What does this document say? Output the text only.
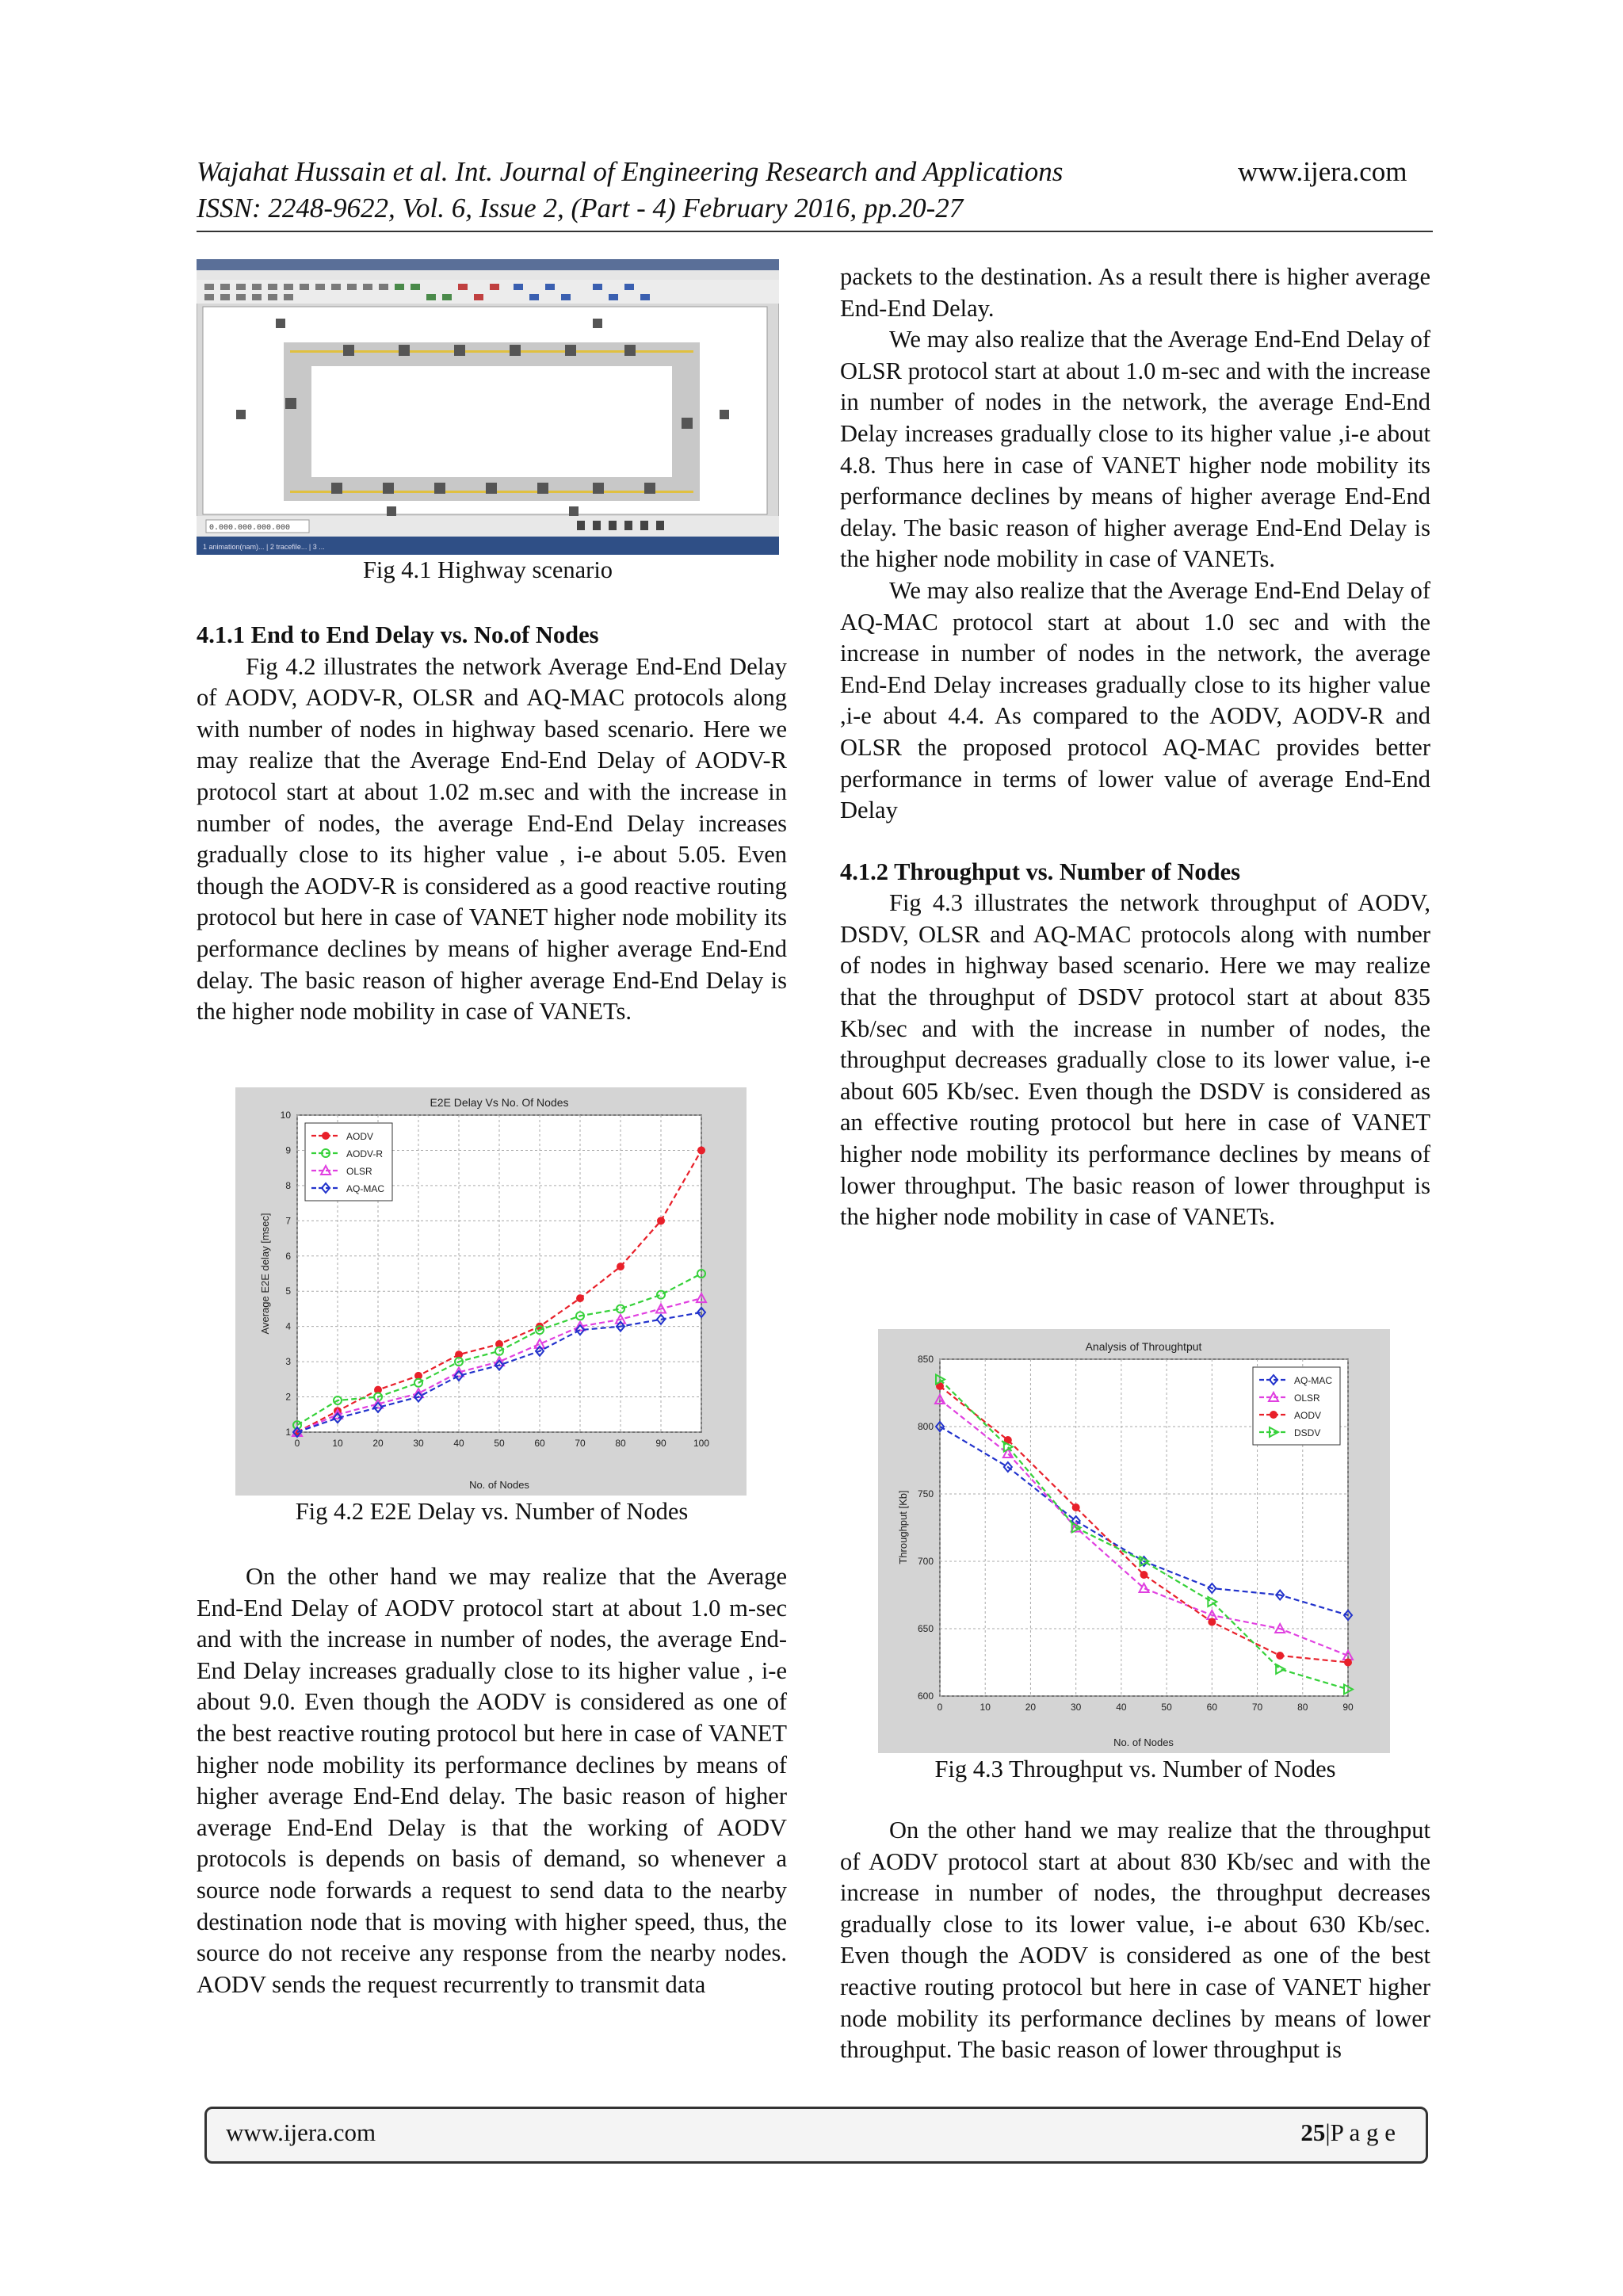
Wajahat Hussain et al. Int. Journal of Engineering Research and Applications	www.ijera.com
ISSN: 2248-9622, Vol. 6, Issue 2, (Part - 4) February 2016, pp.20-27
0.000.000.000.000
1 animation(nam)... | 2 tracefile... | 3 ...
Fig 4.1 Highway scenario

4.1.1 End to End Delay vs. No.of Nodes

Fig 4.2 illustrates the network Average End-End Delay of AODV, AODV-R, OLSR and AQ-MAC protocols along with number of nodes in highway based scenario. Here we may realize that the Average End-End Delay of AODV-R protocol start at about 1.02 m.sec and with the increase in number of nodes, the average End-End Delay increases gradually close to its higher value , i-e about 5.05. Even though the AODV-R is considered as a good reactive routing protocol but here in case of VANET higher node mobility its performance declines by means of higher average End-End delay. The basic reason of higher average End-End Delay is the higher node mobility in case of VANETs.

0	10	20	30	40	50	60	70	80	90	100
1
2
3
4
5
6
7
8
9
10
AODV
AODV-R
OLSR
AQ-MAC
E2E Delay Vs No. Of Nodes
No. of Nodes
Average E2E delay [msec]
Fig 4.2 E2E Delay vs. Number of Nodes

On the other hand we may realize that the Average End-End Delay of AODV protocol start at about 1.0 m-sec and with the increase in number of nodes, the average End-End Delay increases gradually close to its higher value , i-e about 9.0. Even though the AODV is considered as one of the best reactive routing protocol but here in case of VANET higher node mobility its performance declines by means of higher average End-End delay. The basic reason of higher average End-End Delay is that the working of AODV protocols is depends on basis of demand, so whenever a source node forwards a request to send data to the nearby destination node that is moving with higher speed, thus, the source do not receive any response from the nearby nodes. AODV sends the request recurrently to transmit data

packets to the destination. As a result there is higher average End-End Delay.

We may also realize that the Average End-End Delay of OLSR protocol start at about 1.0 m-sec and with the increase in number of nodes in the network, the average End-End Delay increases gradually close to its higher value ,i-e about 4.8. Thus here in case of VANET higher node mobility its performance declines by means of higher average End-End delay. The basic reason of higher average End-End Delay is the higher node mobility in case of VANETs.

We may also realize that the Average End-End Delay of AQ-MAC protocol start at about 1.0 sec and with the increase in number of nodes in the network, the average End-End Delay increases gradually close to its higher value ,i-e about 4.4. As compared to the AODV, AODV-R and OLSR the proposed protocol AQ-MAC provides better performance in terms of lower value of average End-End Delay

4.1.2 Throughput vs. Number of Nodes

Fig 4.3 illustrates the network throughput of AODV, DSDV, OLSR and AQ-MAC protocols along with number of nodes in highway based scenario. Here we may realize that the throughput of DSDV protocol start at about 835 Kb/sec and with the increase in number of nodes, the throughput decreases gradually close to its lower value, i-e about 605 Kb/sec. Even though the DSDV is considered as an effective routing protocol but here in case of VANET higher node mobility its performance declines by means of lower throughput. The basic reason of lower throughput is the higher node mobility in case of VANETs.

0	10	20	30	40	50	60	70	80	90
600
650
700
750
800
850
AQ-MAC
OLSR
AODV
DSDV
Analysis of Throughtput
No. of Nodes
Throughput [Kb]
Fig 4.3 Throughput vs. Number of Nodes

On the other hand we may realize that the throughput of AODV protocol start at about 830 Kb/sec and with the increase in number of nodes, the throughput decreases gradually close to its lower value, i-e about 630 Kb/sec. Even though the AODV is considered as one of the best reactive routing protocol but here in case of VANET higher node mobility its performance declines by means of lower throughput. The basic reason of lower throughput is

www.ijera.com	25|P a g e
